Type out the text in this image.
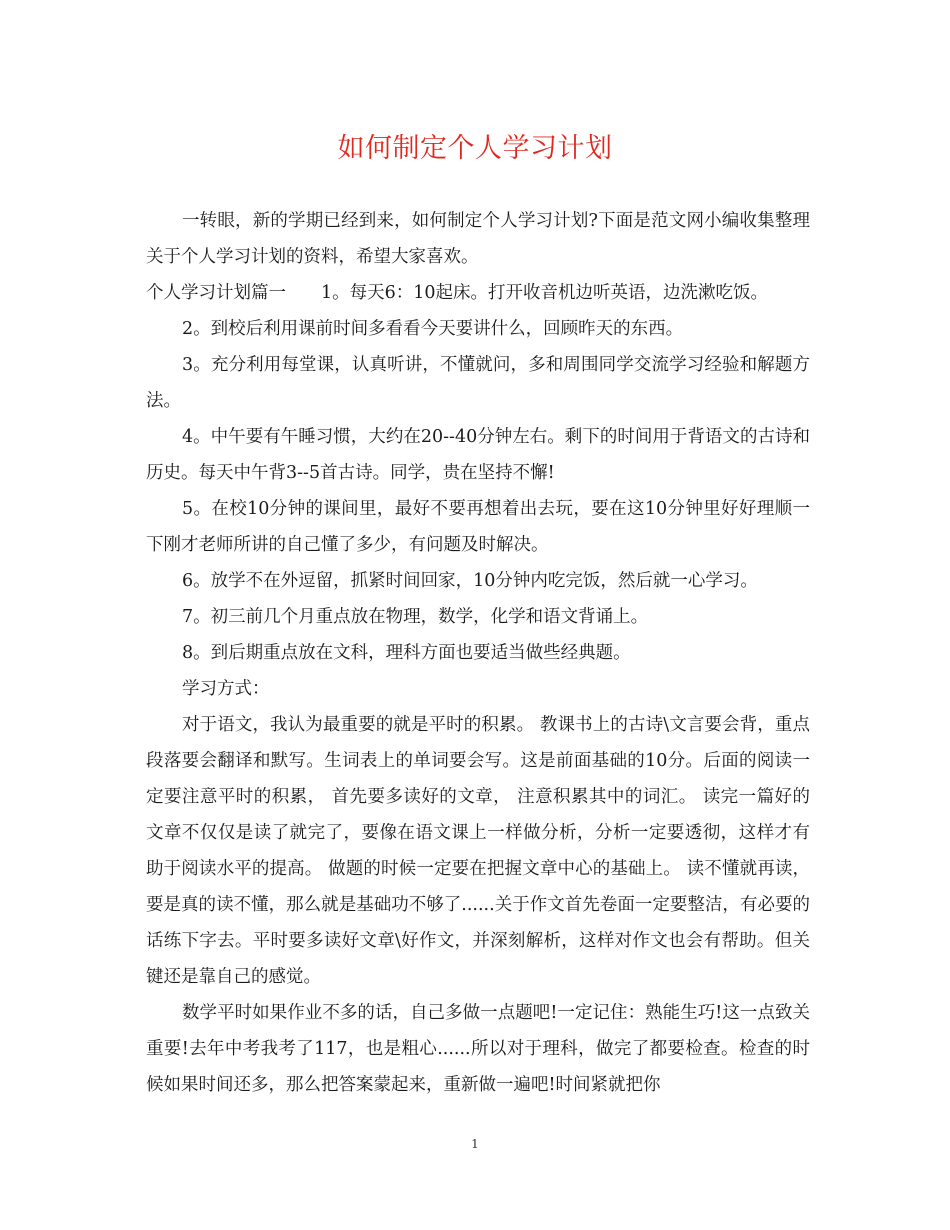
如何制定个人学习计划

一转眼，新的学期已经到来，如何制定个人学习计划?下面是范文网小编收集整理关于个人学习计划的资料，希望大家喜欢。

个人学习计划篇一　　1。每天6：10起床。打开收音机边听英语，边洗漱吃饭。

2。到校后利用课前时间多看看今天要讲什么，回顾昨天的东西。

3。充分利用每堂课，认真听讲，不懂就问，多和周围同学交流学习经验和解题方法。

4。中午要有午睡习惯，大约在20--40分钟左右。剩下的时间用于背语文的古诗和历史。每天中午背3--5首古诗。同学，贵在坚持不懈!

5。在校10分钟的课间里，最好不要再想着出去玩，要在这10分钟里好好理顺一下刚才老师所讲的自己懂了多少，有问题及时解决。

6。放学不在外逗留，抓紧时间回家，10分钟内吃完饭，然后就一心学习。

7。初三前几个月重点放在物理，数学，化学和语文背诵上。

8。到后期重点放在文科，理科方面也要适当做些经典题。

学习方式：

对于语文，我认为最重要的就是平时的积累。 教课书上的古诗\文言要会背，重点段落要会翻译和默写。生词表上的单词要会写。这是前面基础的10分。后面的阅读一定要注意平时的积累， 首先要多读好的文章， 注意积累其中的词汇。 读完一篇好的文章不仅仅是读了就完了，要像在语文课上一样做分析，分析一定要透彻，这样才有助于阅读水平的提高。 做题的时候一定要在把握文章中心的基础上。 读不懂就再读， 要是真的读不懂，那么就是基础功不够了......关于作文首先卷面一定要整洁，有必要的话练下字去。平时要多读好文章\好作文，并深刻解析，这样对作文也会有帮助。但关键还是靠自己的感觉。

数学平时如果作业不多的话，自己多做一点题吧!一定记住：熟能生巧!这一点致关重要!去年中考我考了117，也是粗心......所以对于理科，做完了都要检查。检查的时候如果时间还多，那么把答案蒙起来，重新做一遍吧!时间紧就把你

1
